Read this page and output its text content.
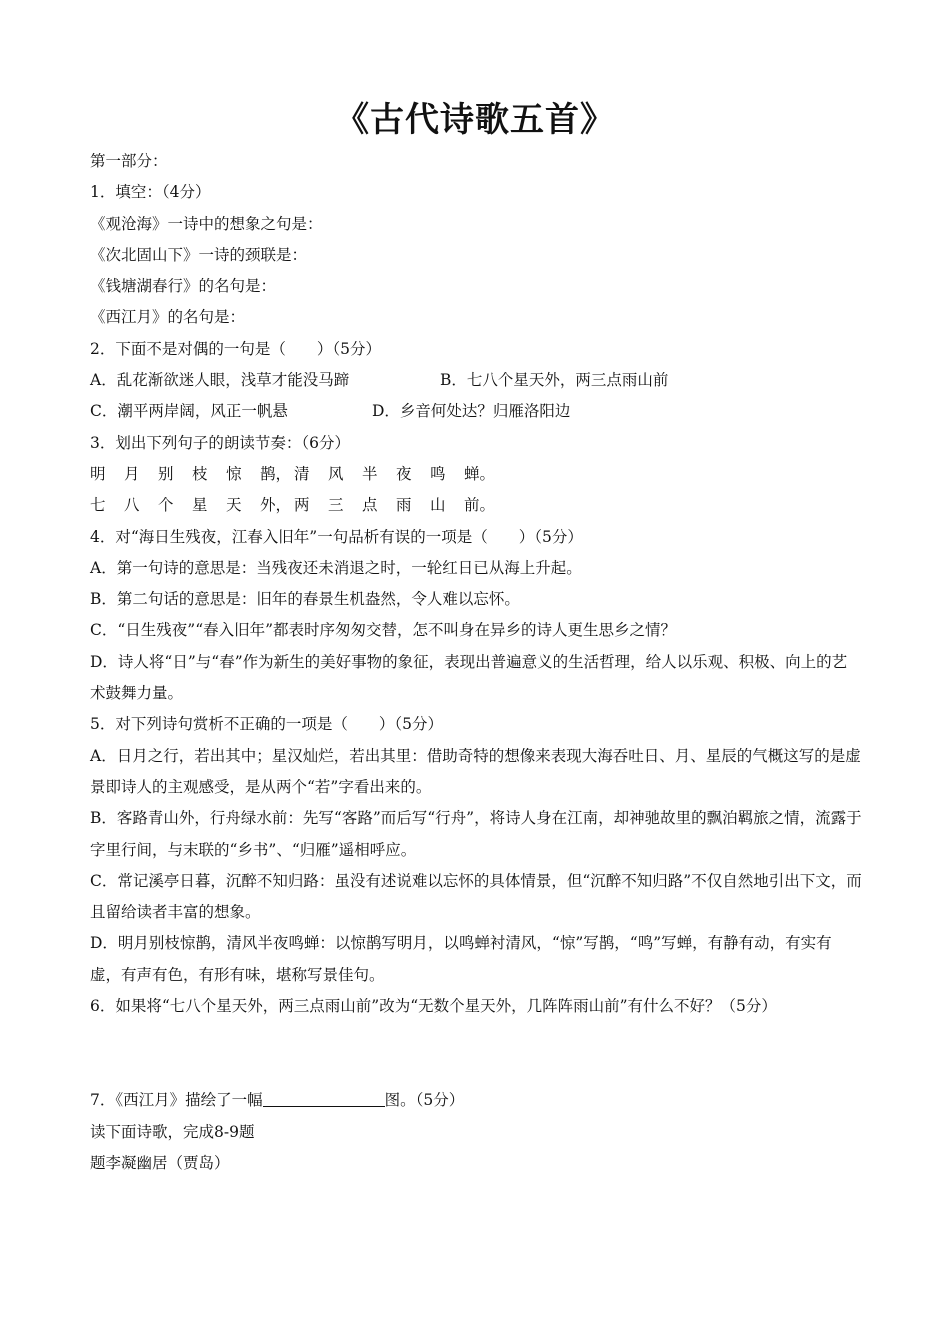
《古代诗歌五首》
第一部分：
1．填空：（4分）
《观沧海》一诗中的想象之句是：
《次北固山下》一诗的颈联是：
《钱塘湖春行》的名句是：
《西江月》的名句是：
2．下面不是对偶的一句是（　　）（5分）
A．乱花渐欲迷人眼，浅草才能没马蹄	B．七八个星天外，两三点雨山前
C．潮平两岸阔，风正一帆悬	D．乡音何处达？归雁洛阳边
3．划出下列句子的朗读节奏：（6分）
明 月 别 枝 惊 鹊， 清 风 半 夜 鸣 蝉。
七 八 个 星 天 外， 两 三 点 雨 山 前。
4．对“海日生残夜，江春入旧年”一句品析有误的一项是（　　）（5分）
A．第一句诗的意思是：当残夜还未消退之时，一轮红日已从海上升起。
B．第二句话的意思是：旧年的春景生机盎然，令人难以忘怀。
C．“日生残夜”“春入旧年”都表时序匆匆交替，怎不叫身在异乡的诗人更生思乡之情？
D．诗人将“日”与“春”作为新生的美好事物的象征，表现出普遍意义的生活哲理，给人以乐观、积极、向上的艺术鼓舞力量。
5．对下列诗句赏析不正确的一项是（　　）（5分）
A．日月之行，若出其中；星汉灿烂，若出其里：借助奇特的想像来表现大海吞吐日、月、星辰的气概这写的是虚景即诗人的主观感受，是从两个“若”字看出来的。
B．客路青山外，行舟绿水前：先写“客路”而后写“行舟”，将诗人身在江南，却神驰故里的飘泊羁旅之情，流露于字里行间，与末联的“乡书”、“归雁”遥相呼应。
C．常记溪亭日暮，沉醉不知归路：虽没有述说难以忘怀的具体情景，但“沉醉不知归路”不仅自然地引出下文，而且留给读者丰富的想象。
D．明月别枝惊鹊，清风半夜鸣蝉：以惊鹊写明月，以鸣蝉衬清风，“惊”写鹊，“鸣”写蝉，有静有动，有实有虚，有声有色，有形有味，堪称写景佳句。
6．如果将“七八个星天外，两三点雨山前”改为“无数个星天外，几阵阵雨山前”有什么不好？（5分）
7．《西江月》描绘了一幅	图。（5分）
读下面诗歌，完成8-9题
题李凝幽居（贾岛）
